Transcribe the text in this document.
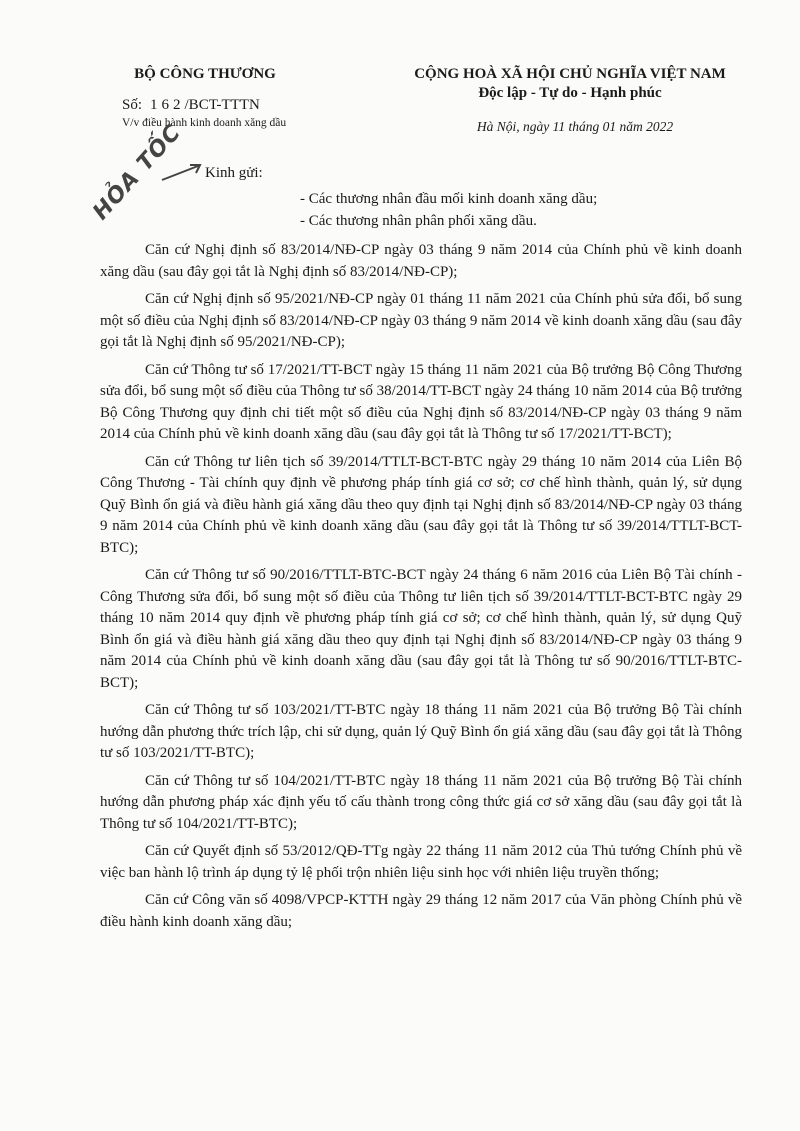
BỘ CÔNG THƯƠNG
Số: 162/BCT-TTTN
V/v điều hành kinh doanh xăng dầu
CỘNG HOÀ XÃ HỘI CHỦ NGHĨA VIỆT NAM
Độc lập - Tự do - Hạnh phúc
Hà Nội, ngày 11 tháng 01 năm 2022
HỎA TỐC Kinh gửi:
- Các thương nhân đầu mối kinh doanh xăng dầu;
- Các thương nhân phân phối xăng dầu.

Căn cứ Nghị định số 83/2014/NĐ-CP ngày 03 tháng 9 năm 2014 của Chính phủ về kinh doanh xăng dầu (sau đây gọi tắt là Nghị định số 83/2014/NĐ-CP);

Căn cứ Nghị định số 95/2021/NĐ-CP ngày 01 tháng 11 năm 2021 của Chính phủ sửa đổi, bổ sung một số điều của Nghị định số 83/2014/NĐ-CP ngày 03 tháng 9 năm 2014 về kinh doanh xăng dầu (sau đây gọi tắt là Nghị định số 95/2021/NĐ-CP);

Căn cứ Thông tư số 17/2021/TT-BCT ngày 15 tháng 11 năm 2021 của Bộ trưởng Bộ Công Thương sửa đổi, bổ sung một số điều của Thông tư số 38/2014/TT-BCT ngày 24 tháng 10 năm 2014 của Bộ trưởng Bộ Công Thương quy định chi tiết một số điều của Nghị định số 83/2014/NĐ-CP ngày 03 tháng 9 năm 2014 của Chính phủ về kinh doanh xăng dầu (sau đây gọi tắt là Thông tư số 17/2021/TT-BCT);

Căn cứ Thông tư liên tịch số 39/2014/TTLT-BCT-BTC ngày 29 tháng 10 năm 2014 của Liên Bộ Công Thương - Tài chính quy định về phương pháp tính giá cơ sở; cơ chế hình thành, quản lý, sử dụng Quỹ Bình ổn giá và điều hành giá xăng dầu theo quy định tại Nghị định số 83/2014/NĐ-CP ngày 03 tháng 9 năm 2014 của Chính phủ về kinh doanh xăng dầu (sau đây gọi tắt là Thông tư số 39/2014/TTLT-BCT-BTC);

Căn cứ Thông tư số 90/2016/TTLT-BTC-BCT ngày 24 tháng 6 năm 2016 của Liên Bộ Tài chính - Công Thương sửa đổi, bổ sung một số điều của Thông tư liên tịch số 39/2014/TTLT-BCT-BTC ngày 29 tháng 10 năm 2014 quy định về phương pháp tính giá cơ sở; cơ chế hình thành, quản lý, sử dụng Quỹ Bình ổn giá và điều hành giá xăng dầu theo quy định tại Nghị định số 83/2014/NĐ-CP ngày 03 tháng 9 năm 2014 của Chính phủ về kinh doanh xăng dầu (sau đây gọi tắt là Thông tư số 90/2016/TTLT-BTC-BCT);

Căn cứ Thông tư số 103/2021/TT-BTC ngày 18 tháng 11 năm 2021 của Bộ trưởng Bộ Tài chính hướng dẫn phương thức trích lập, chi sử dụng, quản lý Quỹ Bình ổn giá xăng dầu (sau đây gọi tắt là Thông tư số 103/2021/TT-BTC);

Căn cứ Thông tư số 104/2021/TT-BTC ngày 18 tháng 11 năm 2021 của Bộ trưởng Bộ Tài chính hướng dẫn phương pháp xác định yếu tố cấu thành trong công thức giá cơ sở xăng dầu (sau đây gọi tắt là Thông tư số 104/2021/TT-BTC);

Căn cứ Quyết định số 53/2012/QĐ-TTg ngày 22 tháng 11 năm 2012 của Thủ tướng Chính phủ về việc ban hành lộ trình áp dụng tỷ lệ phối trộn nhiên liệu sinh học với nhiên liệu truyền thống;

Căn cứ Công văn số 4098/VPCP-KTTH ngày 29 tháng 12 năm 2017 của Văn phòng Chính phủ về điều hành kinh doanh xăng dầu;
